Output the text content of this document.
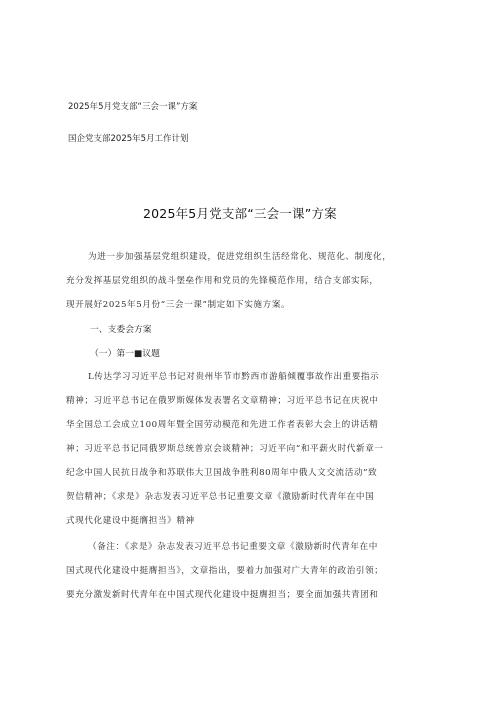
2025年5月党支部“三会一课”方案
国企党支部2025年5月工作计划
2025年5月党支部“三会一课”方案
为进一步加强基层党组织建设，促进党组织生活经常化、规范化、制度化，
充分发挥基层党组织的战斗堡垒作用和党员的先锋模范作用，结合支部实际，
现开展好2025年5月份“三会一课”制定如下实施方案。
一、支委会方案
（一）第一■议题
L传达学习习近平总书记对贵州毕节市黔西市游船倾覆事故作出重要指示
精神；习近平总书记在俄罗斯媒体发表署名文章精神；习近平总书记在庆祝中
华全国总工会成立100周年暨全国劳动模范和先进工作者表彰大会上的讲话精
神；习近平总书记同俄罗斯总统普京会谈精神；习近平向“和平薪火时代新章一
纪念中国人民抗日战争和苏联伟大卫国战争胜利80周年中俄人文交流活动”致
贺信精神；《求是》杂志发表习近平总书记重要文章《激励新时代青年在中国
式现代化建设中挺膺担当》精神
（备注：《求是》杂志发表习近平总书记重要文章《激励新时代青年在中
国式现代化建设中挺膺担当》，文章指出，要着力加强对广大青年的政治引领；
要充分激发新时代青年在中国式现代化建设中挺膺担当；要全面加强共青团和
